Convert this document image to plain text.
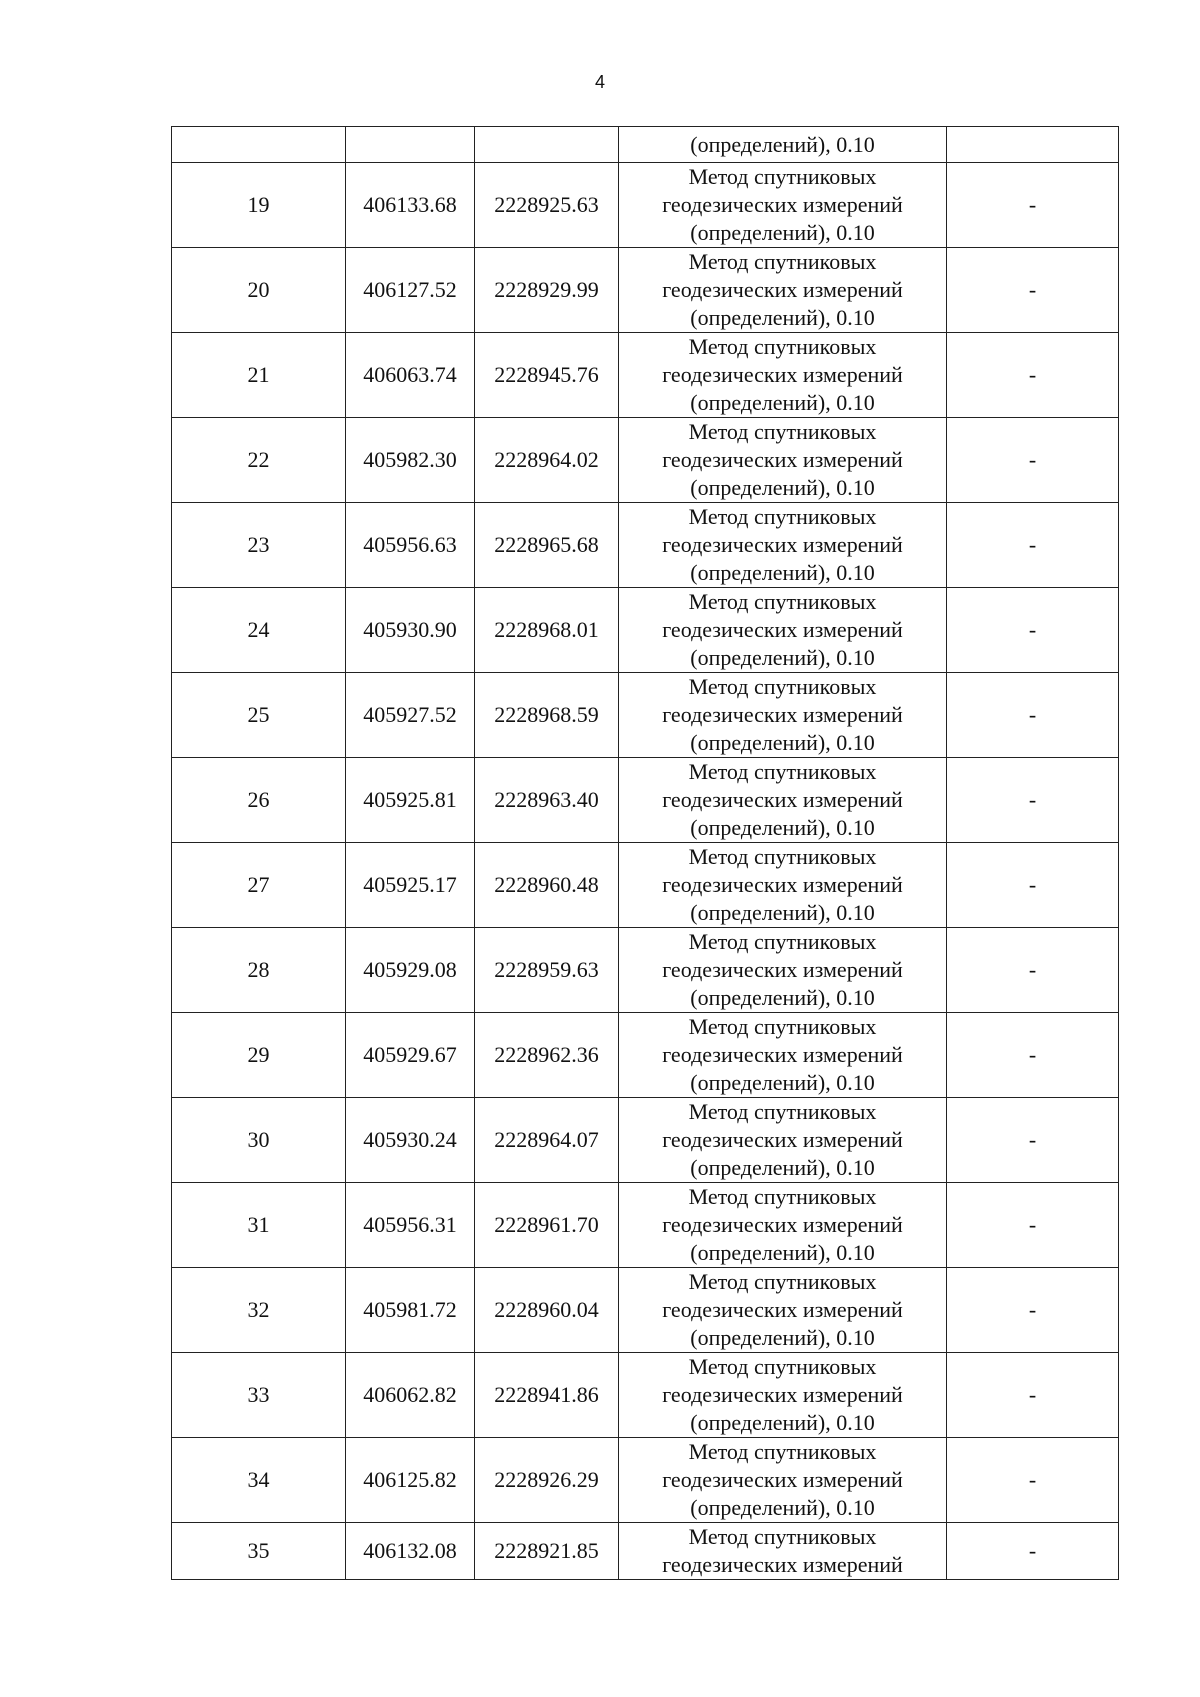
4

			(определений), 0.10	

19	406133.68	2228925.63	Метод спутниковых
геодезических измерений
(определений), 0.10	-
20	406127.52	2228929.99	Метод спутниковых
геодезических измерений
(определений), 0.10	-
21	406063.74	2228945.76	Метод спутниковых
геодезических измерений
(определений), 0.10	-
22	405982.30	2228964.02	Метод спутниковых
геодезических измерений
(определений), 0.10	-
23	405956.63	2228965.68	Метод спутниковых
геодезических измерений
(определений), 0.10	-
24	405930.90	2228968.01	Метод спутниковых
геодезических измерений
(определений), 0.10	-
25	405927.52	2228968.59	Метод спутниковых
геодезических измерений
(определений), 0.10	-
26	405925.81	2228963.40	Метод спутниковых
геодезических измерений
(определений), 0.10	-
27	405925.17	2228960.48	Метод спутниковых
геодезических измерений
(определений), 0.10	-
28	405929.08	2228959.63	Метод спутниковых
геодезических измерений
(определений), 0.10	-
29	405929.67	2228962.36	Метод спутниковых
геодезических измерений
(определений), 0.10	-
30	405930.24	2228964.07	Метод спутниковых
геодезических измерений
(определений), 0.10	-
31	405956.31	2228961.70	Метод спутниковых
геодезических измерений
(определений), 0.10	-
32	405981.72	2228960.04	Метод спутниковых
геодезических измерений
(определений), 0.10	-
33	406062.82	2228941.86	Метод спутниковых
геодезических измерений
(определений), 0.10	-
34	406125.82	2228926.29	Метод спутниковых
геодезических измерений
(определений), 0.10	-
35	406132.08	2228921.85	Метод спутниковых
геодезических измерений	-
